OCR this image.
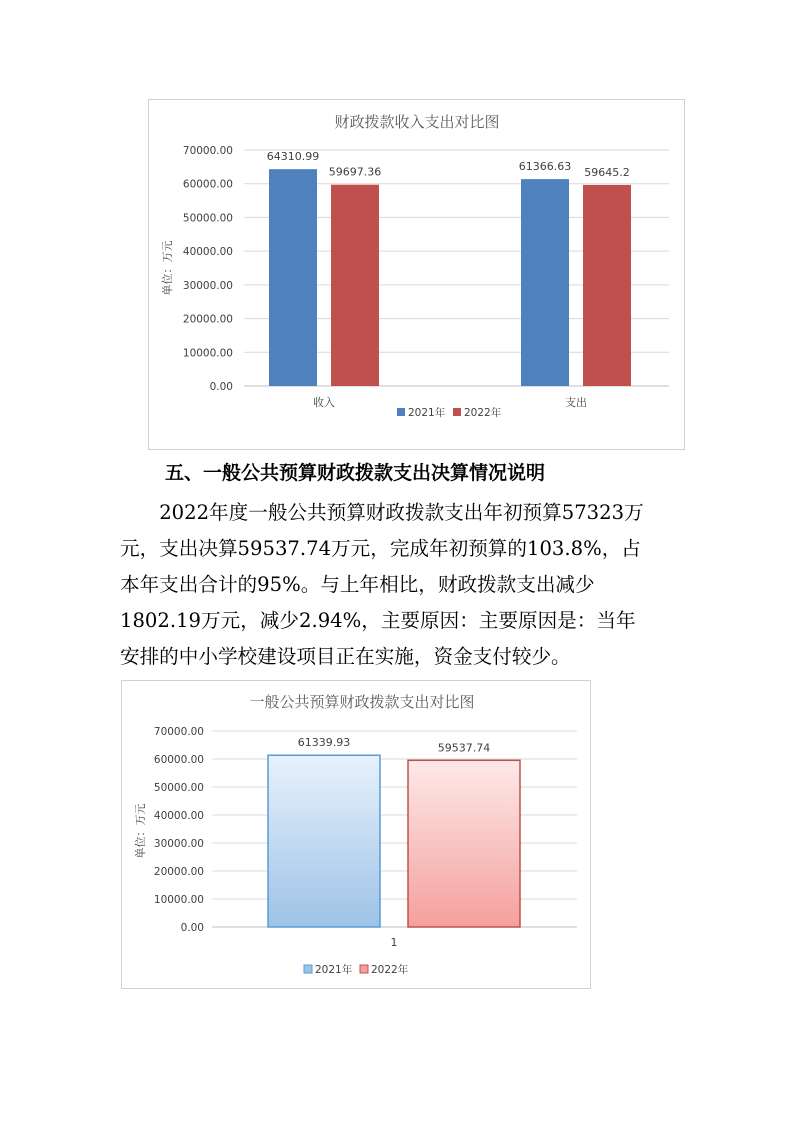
财政拨款收入支出对比图
0.00
10000.00
20000.00
30000.00
40000.00
50000.00
60000.00
70000.00
单位：万元
64310.99
59697.36
收入
61366.63 59645.2
支出
2021年 2022年
五、一般公共预算财政拨款支出决算情况说明

2022年度一般公共预算财政拨款支出年初预算57323万

元，支出决算59537.74万元，完成年初预算的103.8%，占

本年支出合计的95%。与上年相比，财政拨款支出减少

1802.19万元，减少2.94%，主要原因：主要原因是：当年

安排的中小学校建设项目正在实施，资金支付较少。

一般公共预算财政拨款支出对比图
0.00
10000.00
20000.00
30000.00
40000.00
50000.00
60000.00
70000.00
单位：万元
61339.93	59537.74
1
2021年 2022年
